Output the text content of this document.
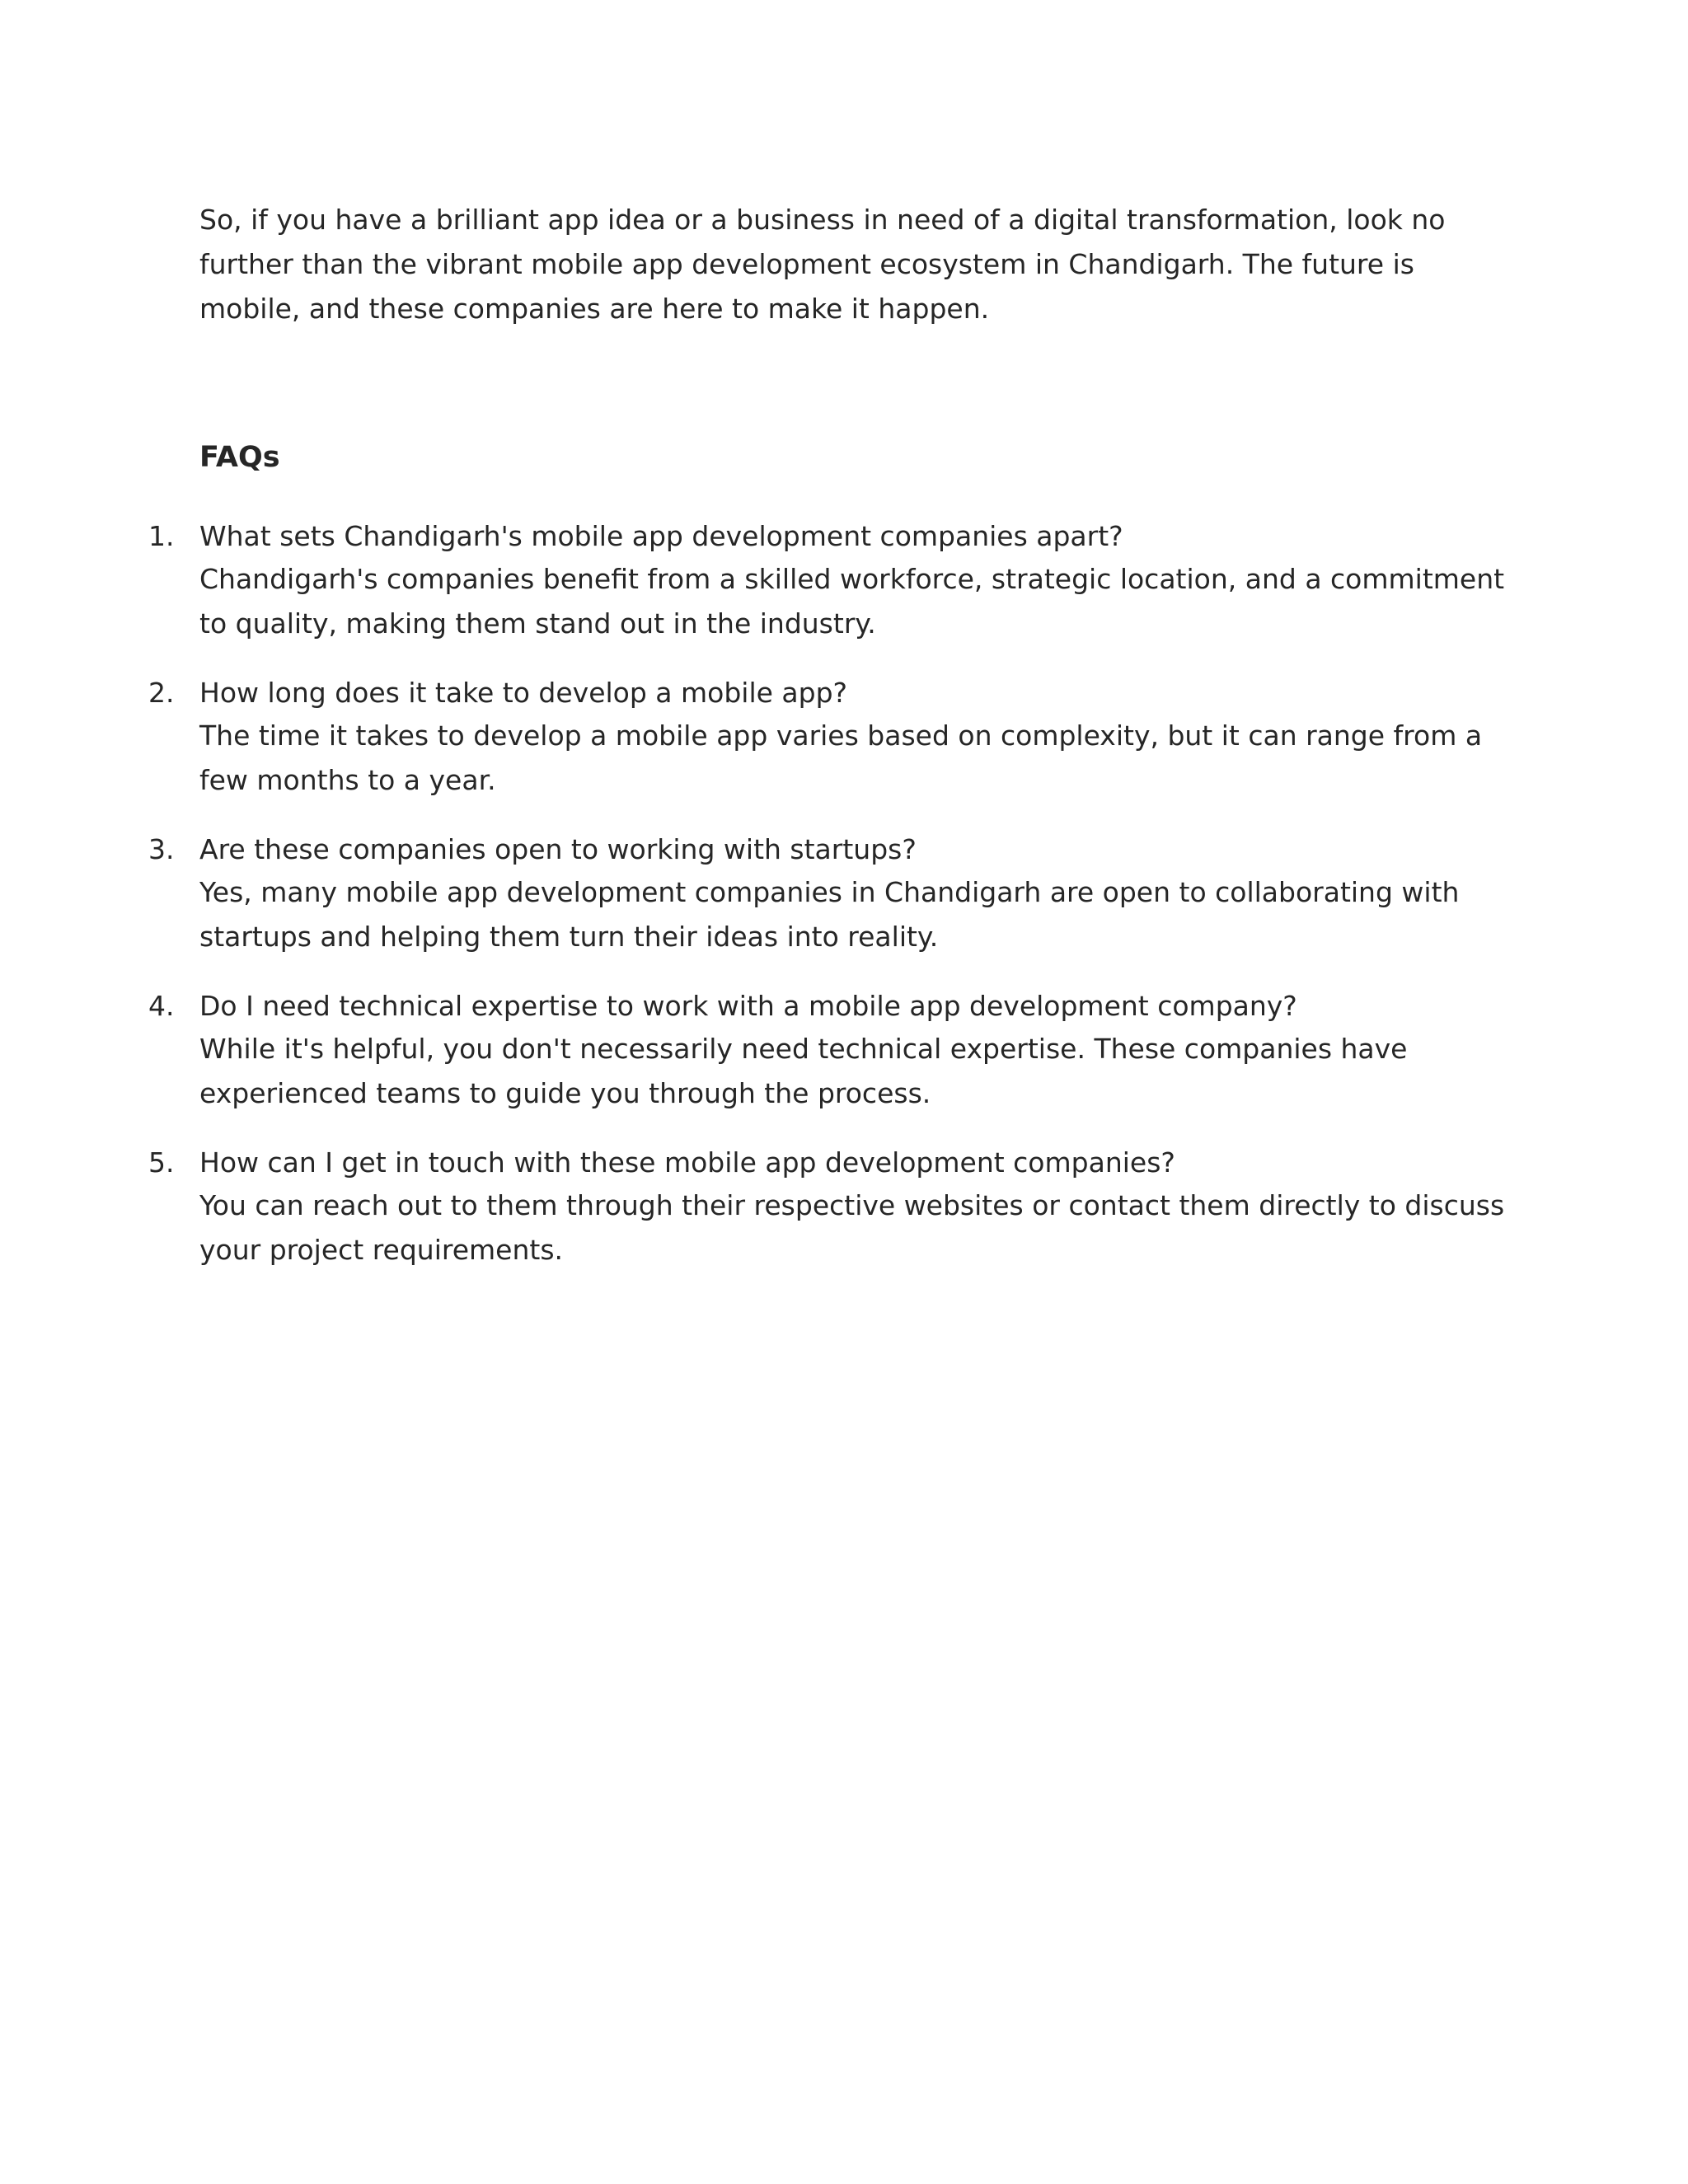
So, if you have a brilliant app idea or a business in need of a digital transformation, look no further than the vibrant mobile app development ecosystem in Chandigarh. The future is mobile, and these companies are here to make it happen.

FAQs
1. What sets Chandigarh's mobile app development companies apart?
Chandigarh's companies benefit from a skilled workforce, strategic location, and a commitment to quality, making them stand out in the industry.
2. How long does it take to develop a mobile app?
The time it takes to develop a mobile app varies based on complexity, but it can range from a few months to a year.
3. Are these companies open to working with startups?
Yes, many mobile app development companies in Chandigarh are open to collaborating with startups and helping them turn their ideas into reality.
4. Do I need technical expertise to work with a mobile app development company?
While it's helpful, you don't necessarily need technical expertise. These companies have experienced teams to guide you through the process.
5. How can I get in touch with these mobile app development companies?
You can reach out to them through their respective websites or contact them directly to discuss your project requirements.
